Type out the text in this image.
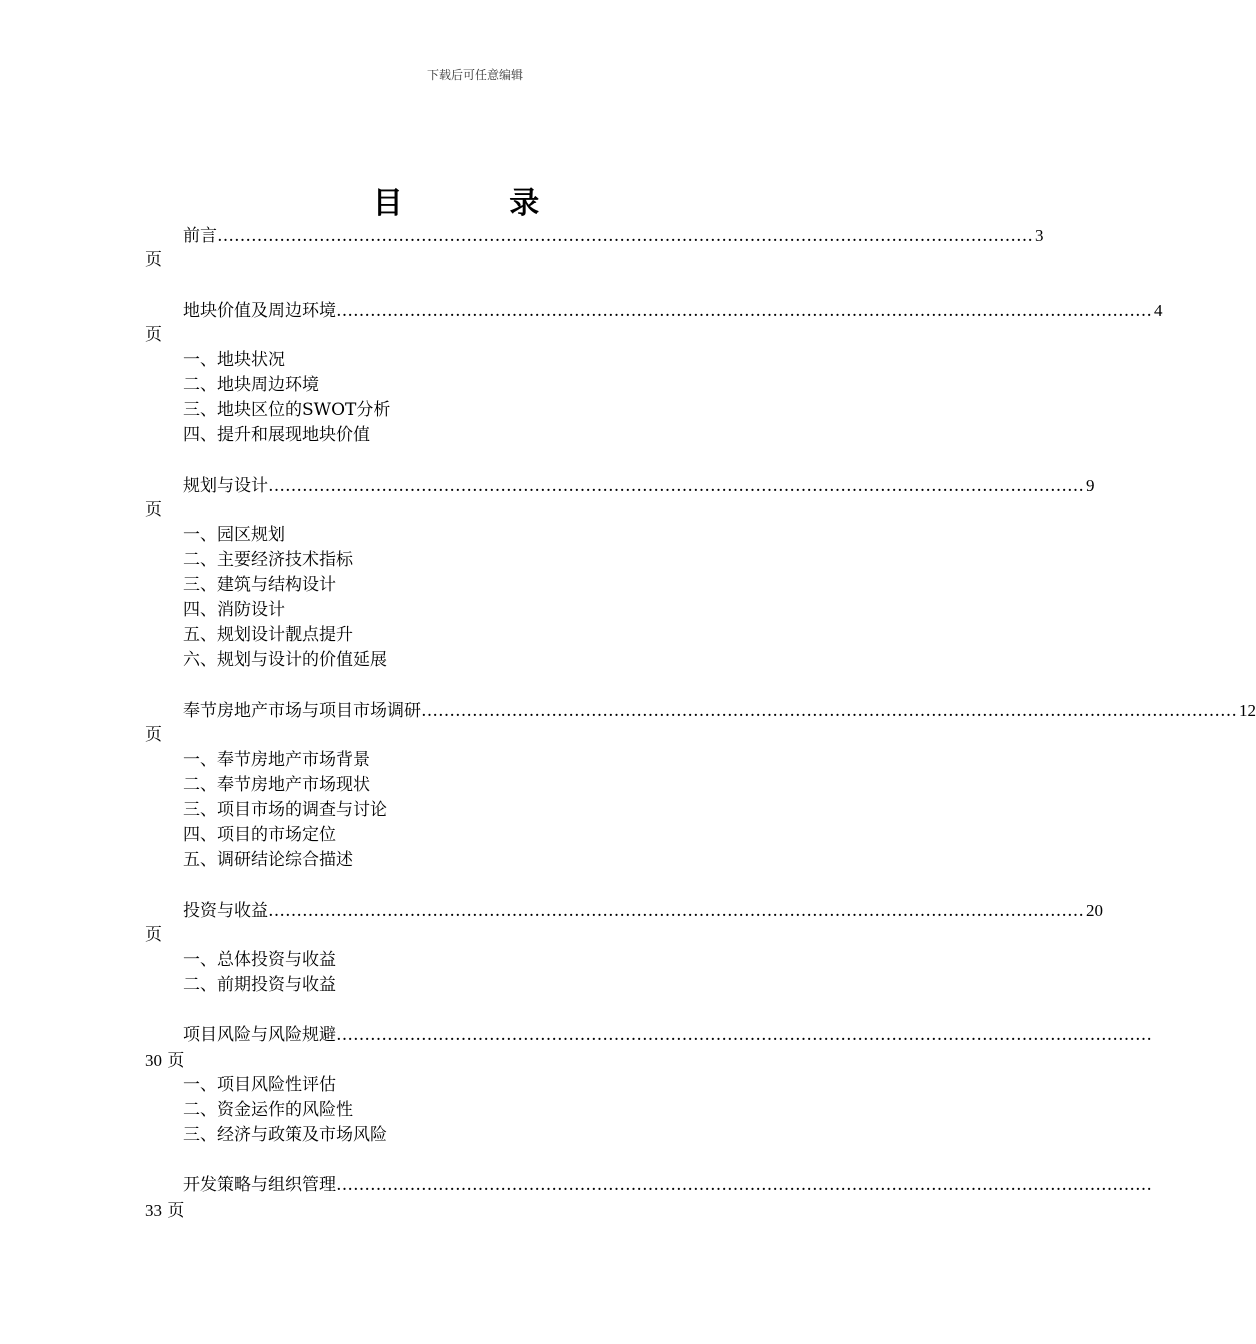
下载后可任意编辑
目 录
前言 ……………………………………………………………………………………………………………………………… 3
页
地块价值及周边环境 ……………………………………………………………………………………………………………………………… 4
页
一、地块状况
二、地块周边环境
三、地块区位的SWOT分析
四、提升和展现地块价值
规划与设计 ……………………………………………………………………………………………………………………………… 9
页
一、园区规划
二、主要经济技术指标
三、建筑与结构设计
四、消防设计
五、规划设计靓点提升
六、规划与设计的价值延展
奉节房地产市场与项目市场调研 ……………………………………………………………………………………………………………………………… 12
页
一、奉节房地产市场背景
二、奉节房地产市场现状
三、项目市场的调查与讨论
四、项目的市场定位
五、调研结论综合描述
投资与收益 ……………………………………………………………………………………………………………………………… 20
页
一、总体投资与收益
二、前期投资与收益
项目风险与风险规避 ………………………………………………………………………………………………………………………………
30 页
一、项目风险性评估
二、资金运作的风险性
三、经济与政策及市场风险
开发策略与组织管理 ………………………………………………………………………………………………………………………………
33 页
